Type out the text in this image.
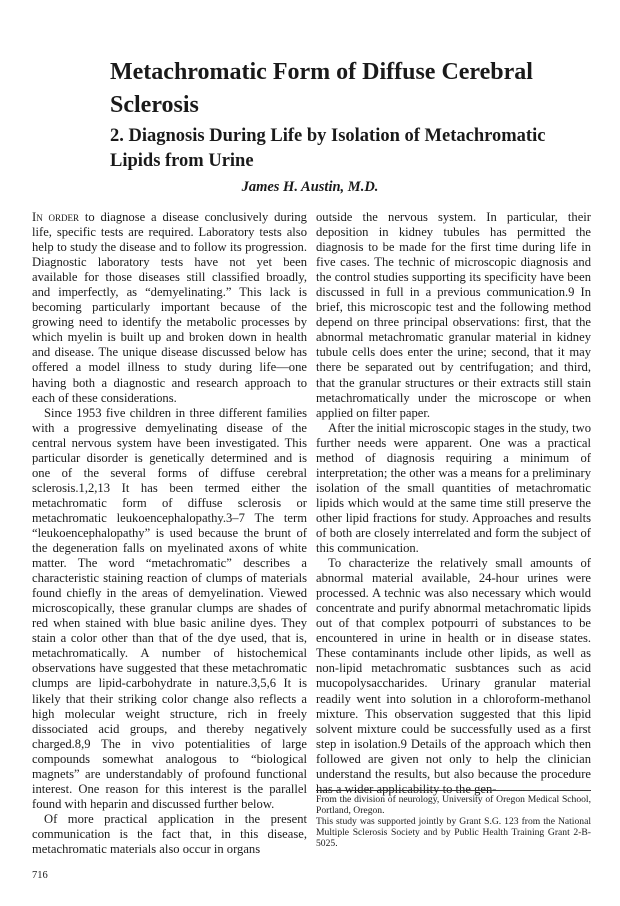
Metachromatic Form of Diffuse Cerebral Sclerosis
2. Diagnosis During Life by Isolation of Metachromatic Lipids from Urine

James H. Austin, M.D.

In order to diagnose a disease conclusively during life, specific tests are required. Laboratory tests also help to study the disease and to follow its progression. Diagnostic laboratory tests have not yet been available for those diseases still classified broadly, and imperfectly, as “demyelinating.” This lack is becoming particularly important because of the growing need to identify the metabolic processes by which myelin is built up and broken down in health and disease. The unique disease discussed below has offered a model illness to study during life—one having both a diagnostic and research approach to each of these considerations.

Since 1953 five children in three different families with a progressive demyelinating disease of the central nervous system have been investigated. This particular disorder is genetically determined and is one of the several forms of diffuse cerebral sclerosis.1,2,13 It has been termed either the metachromatic form of diffuse sclerosis or metachromatic leukoencephalopathy.3–7 The term “leukoencephalopathy” is used because the brunt of the degeneration falls on myelinated axons of white matter. The word “metachromatic” describes a characteristic staining reaction of clumps of materials found chiefly in the areas of demyelination. Viewed microscopically, these granular clumps are shades of red when stained with blue basic aniline dyes. They stain a color other than that of the dye used, that is, metachromatically. A number of histochemical observations have suggested that these metachromatic clumps are lipid-carbohydrate in nature.3,5,6 It is likely that their striking color change also reflects a high molecular weight structure, rich in freely dissociated acid groups, and thereby negatively charged.8,9 The in vivo potentialities of large compounds somewhat analogous to “biological magnets” are understandably of profound functional interest. One reason for this interest is the parallel found with heparin and discussed further below.

Of more practical application in the present communication is the fact that, in this disease, metachromatic materials also occur in organs

outside the nervous system. In particular, their deposition in kidney tubules has permitted the diagnosis to be made for the first time during life in five cases. The technic of microscopic diagnosis and the control studies supporting its specificity have been discussed in full in a previous communication.9 In brief, this microscopic test and the following method depend on three principal observations: first, that the abnormal metachromatic granular material in kidney tubule cells does enter the urine; second, that it may there be separated out by centrifugation; and third, that the granular structures or their extracts still stain metachromatically under the microscope or when applied on filter paper.

After the initial microscopic stages in the study, two further needs were apparent. One was a practical method of diagnosis requiring a minimum of interpretation; the other was a means for a preliminary isolation of the small quantities of metachromatic lipids which would at the same time still preserve the other lipid fractions for study. Approaches and results of both are closely interrelated and form the subject of this communication.

To characterize the relatively small amounts of abnormal material available, 24-hour urines were processed. A technic was also necessary which would concentrate and purify abnormal metachromatic lipids out of that complex potpourri of substances to be encountered in urine in health or in disease states. These contaminants include other lipids, as well as non-lipid metachromatic susbtances such as acid mucopolysaccharides. Urinary granular material readily went into solution in a chloroform-methanol mixture. This observation suggested that this lipid solvent mixture could be successfully used as a first step in isolation.9 Details of the approach which then followed are given not only to help the clinician understand the results, but also because the procedure has a wider applicability to the gen-

From the division of neurology, University of Oregon Medical School, Portland, Oregon.

This study was supported jointly by Grant S.G. 123 from the National Multiple Sclerosis Society and by Public Health Training Grant 2-B-5025.

716
